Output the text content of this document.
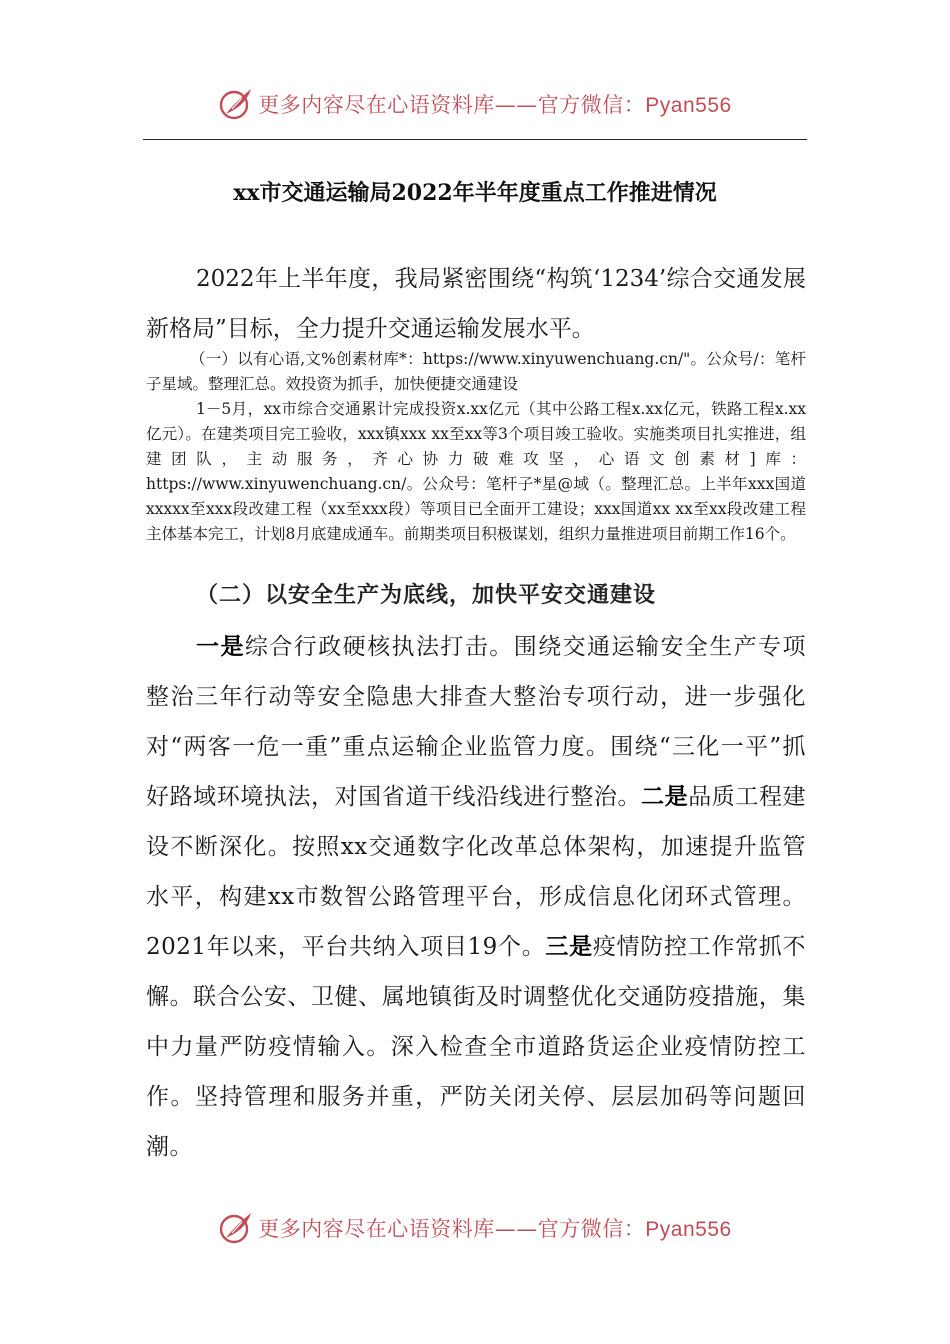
更多内容尽在心语资料库——官方微信：Pyan556
xx市交通运输局2022年半年度重点工作推进情况

2022年上半年度，我局紧密围绕“构筑‘1234’综合交通发展新格局”目标，全力提升交通运输发展水平。

（一）以有心语,文%创素材库*：https://www.xinyuwenchuang.cn/"。公众号/：笔杆子星域。整理汇总。效投资为抓手，加快便捷交通建设

1－5月，xx市综合交通累计完成投资x.xx亿元（其中公路工程x.xx亿元，铁路工程x.xx亿元）。在建类项目完工验收，xxx镇xxx xx至xx等3个项目竣工验收。实施类项目扎实推进，组建团队，主动服务，齐心协力破难攻坚，心语文创素材]库：https://www.xinyuwenchuang.cn/。公众号：笔杆子*星@域（。整理汇总。上半年xxx国道xxxxx至xxx段改建工程（xx至xxx段）等项目已全面开工建设；xxx国道xx xx至xx段改建工程主体基本完工，计划8月底建成通车。前期类项目积极谋划，组织力量推进项目前期工作16个。

（二）以安全生产为底线，加快平安交通建设

一是综合行政硬核执法打击。围绕交通运输安全生产专项整治三年行动等安全隐患大排查大整治专项行动，进一步强化对“两客一危一重”重点运输企业监管力度。围绕“三化一平”抓好路域环境执法，对国省道干线沿线进行整治。二是品质工程建设不断深化。按照xx交通数字化改革总体架构，加速提升监管水平，构建xx市数智公路管理平台，形成信息化闭环式管理。2021年以来，平台共纳入项目19个。三是疫情防控工作常抓不懈。联合公安、卫健、属地镇街及时调整优化交通防疫措施，集中力量严防疫情输入。深入检查全市道路货运企业疫情防控工作。坚持管理和服务并重，严防关闭关停、层层加码等问题回潮。

更多内容尽在心语资料库——官方微信：Pyan556
